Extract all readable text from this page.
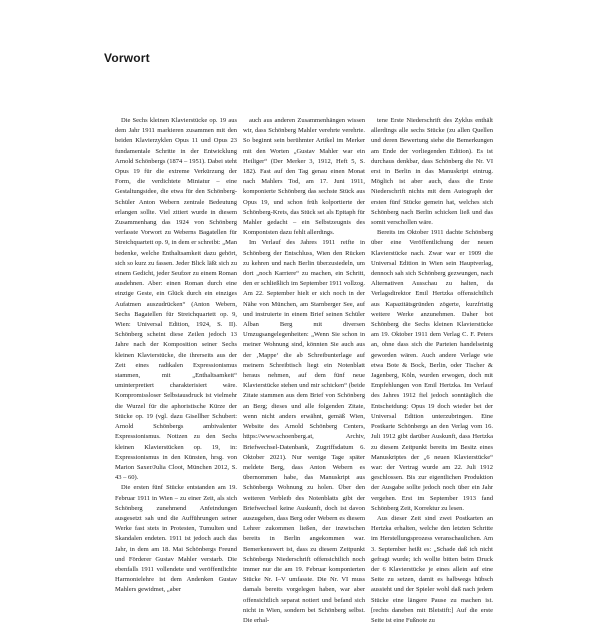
Vorwort

Die Sechs kleinen Klavierstücke op. 19 aus dem Jahr 1911 markieren zusammen mit den beiden Klavierzyklen Opus 11 und Opus 23 fundamentale Schritte in der Entwicklung Arnold Schönbergs (1874 – 1951). Dabei steht Opus 19 für die extreme Verkürzung der Form, die verdichtete Miniatur – eine Gestaltungsidee, die etwa für den Schönberg-Schüler Anton Webern zentrale Bedeutung erlangen sollte. Viel zitiert wurde in diesem Zusammenhang das 1924 von Schönberg verfasste Vorwort zu Weberns Bagatellen für Streichquartett op. 9, in dem er schreibt: „Man bedenke, welche Enthaltsamkeit dazu gehört, sich so kurz zu fassen. Jeder Blick läßt sich zu einem Gedicht, jeder Seufzer zu einem Roman ausdehnen. Aber: einen Roman durch eine einzige Geste, ein Glück durch ein einziges Aufatmen auszudrücken“ (Anton Webern, Sechs Bagatellen für Streichquartett op. 9, Wien: Universal Edition, 1924, S. II). Schönberg scheint diese Zeilen jedoch 13 Jahre nach der Komposition seiner Sechs kleinen Klavierstücke, die ihrerseits aus der Zeit eines radikalen Expressionismus stammen, mit „Enthaltsamkeit“ uminterpretiert charakterisiert wäre. Kompromissloser Selbstausdruck ist vielmehr die Wurzel für die aphoristische Kürze der Stücke op. 19 (vgl. dazu Gisellher Schubert: Arnold Schönbergs ambivalenter Expressionismus. Notizen zu den Sechs kleinen Klavierstücken op. 19, in: Expressionismus in den Künsten, hrsg. von Marion Saxer/Julia Cloot, München 2012, S. 43 – 60).

Die ersten fünf Stücke entstanden am 19. Februar 1911 in Wien – zu einer Zeit, als sich Schönberg zunehmend Anfeindungen ausgesetzt sah und die Aufführungen seiner Werke fast stets in Protesten, Tumulten und Skandalen endeten. 1911 ist jedoch auch das Jahr, in dem am 18. Mai Schönbergs Freund und Förderer Gustav Mahler verstarb. Die ebenfalls 1911 vollendete und veröffentlichte Harmonielehre ist dem Andenken Gustav Mahlers gewidmet, „aber

auch aus anderen Zusammenhängen wissen wir, dass Schönberg Mahler verehrte verehrte. So beginnt sein berühmter Artikel im Merker mit den Worten „Gustav Mahler war ein Heiliger“ (Der Merker 3, 1912, Heft 5, S. 182). Fast auf den Tag genau einen Monat nach Mahlers Tod, am 17. Juni 1911, komponierte Schönberg das sechste Stück aus Opus 19, und schon früh kolportierte der Schönberg-Kreis, das Stück sei als Epitaph für Mahler gedacht – ein Selbstzeugnis des Komponisten dazu fehlt allerdings.

Im Verlauf des Jahres 1911 reifte in Schönberg der Entschluss, Wien den Rücken zu kehren und nach Berlin überzusiedeln, um dort „noch Karriere“ zu machen, ein Schritt, den er schließlich im September 1911 vollzog. Am 22. September hielt er sich noch in der Nähe von München, am Starnberger See, auf und instruierte in einem Brief seinen Schüler Alban Berg mit diversen Umzugsangelegenheiten: „Wenn Sie schon in meiner Wohnung sind, könnten Sie auch aus der ‚Mappe‘ die ab Schreibunterlage auf meinem Schreibtisch liegt ein Notenblatt heraus nehmen, auf dem fünf neue Klavierstücke stehen und mir schicken“ (beide Zitate stammen aus dem Brief von Schönberg an Berg; dieses und alle folgenden Zitate, wenn nicht anders erwähnt, gemäß Wien, Website des Arnold Schönberg Centers, https://www.schoenberg.at, Archiv, Briefwechsel-Datenbank, Zugriffsdatum 6. Oktober 2021). Nur wenige Tage später meldete Berg, dass Anton Webern es übernommen habe, das Manuskript aus Schönbergs Wohnung zu holen. Über den weiteren Verbleib des Notenblatts gibt der Briefwechsel keine Auskunft, doch ist davon auszugehen, dass Berg oder Webern es diesem Lehrer zukommen ließen, der inzwischen bereits in Berlin angekommen war. Bemerkenswert ist, dass zu diesem Zeitpunkt Schönbergs Niederschrift offensichtlich noch immer nur die am 19. Februar komponierten Stücke Nr. I–V umfasste. Die Nr. VI muss damals bereits vorgelegen haben, war aber offensichtlich separat notiert und befand sich nicht in Wien, sondern bei Schönberg selbst. Die erhal-

tene Erste Niederschrift des Zyklus enthält allerdings alle sechs Stücke (zu allen Quellen und deren Bewertung siehe die Bemerkungen am Ende der vorliegenden Edition). Es ist durchaus denkbar, dass Schönberg die Nr. VI erst in Berlin in das Manuskript eintrug. Möglich ist aber auch, dass die Erste Niederschrift nichts mit dem Autograph der ersten fünf Stücke gemein hat, welches sich Schönberg nach Berlin schicken ließ und das somit verschollen wäre.

Bereits im Oktober 1911 dachte Schönberg über eine Veröffentlichung der neuen Klavierstücke nach. Zwar war er 1909 die Universal Edition in Wien sein Hauptverlag, dennoch sah sich Schönberg gezwungen, nach Alternativen Ausschau zu halten, da Verlagsdirektor Emil Hertzka offensichtlich aus Kapazitätsgründen zögerte, kurzfristig weitere Werke anzunehmen. Daher bot Schönberg die Sechs kleinen Klavierstücke am 19. Oktober 1911 dem Verlag C. F. Peters an, ohne dass sich die Parteien handelseinig geworden wären. Auch andere Verlage wie etwa Bote & Bock, Berlin, oder Tischer & Jagenberg, Köln, wurden erwogen, doch mit Empfehlungen von Emil Hertzka. Im Verlauf des Jahres 1912 fiel jedoch sonntäglich die Entscheidung: Opus 19 doch wieder bei der Universal Edition unterzubringen. Eine Postkarte Schönbergs an den Verlag vom 16. Juli 1912 gibt darüber Auskunft, dass Hertzka zu diesem Zeitpunkt bereits im Besitz eines Manuskriptes der „6 neuen Klavierstücke“ war: der Vertrag wurde am 22. Juli 1912 geschlossen. Bis zur eigentlichen Produktion der Ausgabe sollte jedoch noch über ein Jahr vergehen. Erst im September 1913 fand Schönberg Zeit, Korrektur zu lesen.

Aus dieser Zeit sind zwei Postkarten an Hertzka erhalten, welche den letzten Schritte im Herstellungsprozess veranschaulichen. Am 3. September heißt es: „Schade daß ich nicht gefragt wurde; ich wollte bitten beim Druck der 6 Klavierstücke je eines allein auf eine Seite zu setzen, damit es halbwegs hübsch aussieht und der Spieler wohl daß nach jedem Stücke eine längere Pause zu machen ist. [rechts daneben mit Bleistift:] Auf die erste Seite ist eine Fußnote zu
